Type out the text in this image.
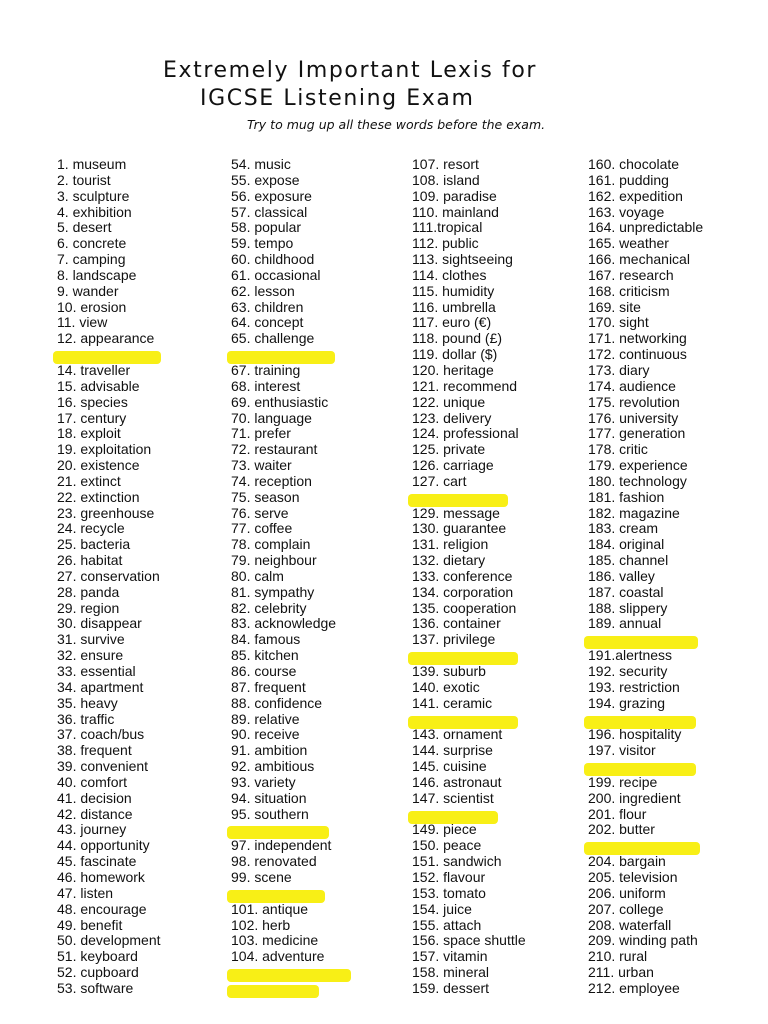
Extremely Important Lexis for
IGCSE Listening Exam

Try to mug up all these words before the exam.

1. museum
2. tourist
3. sculpture
4. exhibition
5. desert
6. concrete
7. camping
8. landscape
9. wander
10. erosion
11. view
12. appearance
14. traveller
15. advisable
16. species
17. century
18. exploit
19. exploitation
20. existence
21. extinct
22. extinction
23. greenhouse
24. recycle
25. bacteria
26. habitat
27. conservation
28. panda
29. region
30. disappear
31. survive
32. ensure
33. essential
34. apartment
35. heavy
36. traffic
37. coach/bus
38. frequent
39. convenient
40. comfort
41. decision
42. distance
43. journey
44. opportunity
45. fascinate
46. homework
47. listen
48. encourage
49. benefit
50. development
51. keyboard
52. cupboard
53. software
54. music
55. expose
56. exposure
57. classical
58. popular
59. tempo
60. childhood
61. occasional
62. lesson
63. children
64. concept
65. challenge
67. training
68. interest
69. enthusiastic
70. language
71. prefer
72. restaurant
73. waiter
74. reception
75. season
76. serve
77. coffee
78. complain
79. neighbour
80. calm
81. sympathy
82. celebrity
83. acknowledge
84. famous
85. kitchen
86. course
87. frequent
88. confidence
89. relative
90. receive
91. ambition
92. ambitious
93. variety
94. situation
95. southern
97. independent
98. renovated
99. scene
101. antique
102. herb
103. medicine
104. adventure
107. resort
108. island
109. paradise
110. mainland
111.tropical
112. public
113. sightseeing
114. clothes
115. humidity
116. umbrella
117. euro (€)
118. pound (£)
119. dollar ($)
120. heritage
121. recommend
122. unique
123. delivery
124. professional
125. private
126. carriage
127. cart
129. message
130. guarantee
131. religion
132. dietary
133. conference
134. corporation
135. cooperation
136. container
137. privilege
139. suburb
140. exotic
141. ceramic
143. ornament
144. surprise
145. cuisine
146. astronaut
147. scientist
149. piece
150. peace
151. sandwich
152. flavour
153. tomato
154. juice
155. attach
156. space shuttle
157. vitamin
158. mineral
159. dessert
160. chocolate
161. pudding
162. expedition
163. voyage
164. unpredictable
165. weather
166. mechanical
167. research
168. criticism
169. site
170. sight
171. networking
172. continuous
173. diary
174. audience
175. revolution
176. university
177. generation
178. critic
179. experience
180. technology
181. fashion
182. magazine
183. cream
184. original
185. channel
186. valley
187. coastal
188. slippery
189. annual
191.alertness
192. security
193. restriction
194. grazing
196. hospitality
197. visitor
199. recipe
200. ingredient
201. flour
202. butter
204. bargain
205. television
206. uniform
207. college
208. waterfall
209. winding path
210. rural
211. urban
212. employee
